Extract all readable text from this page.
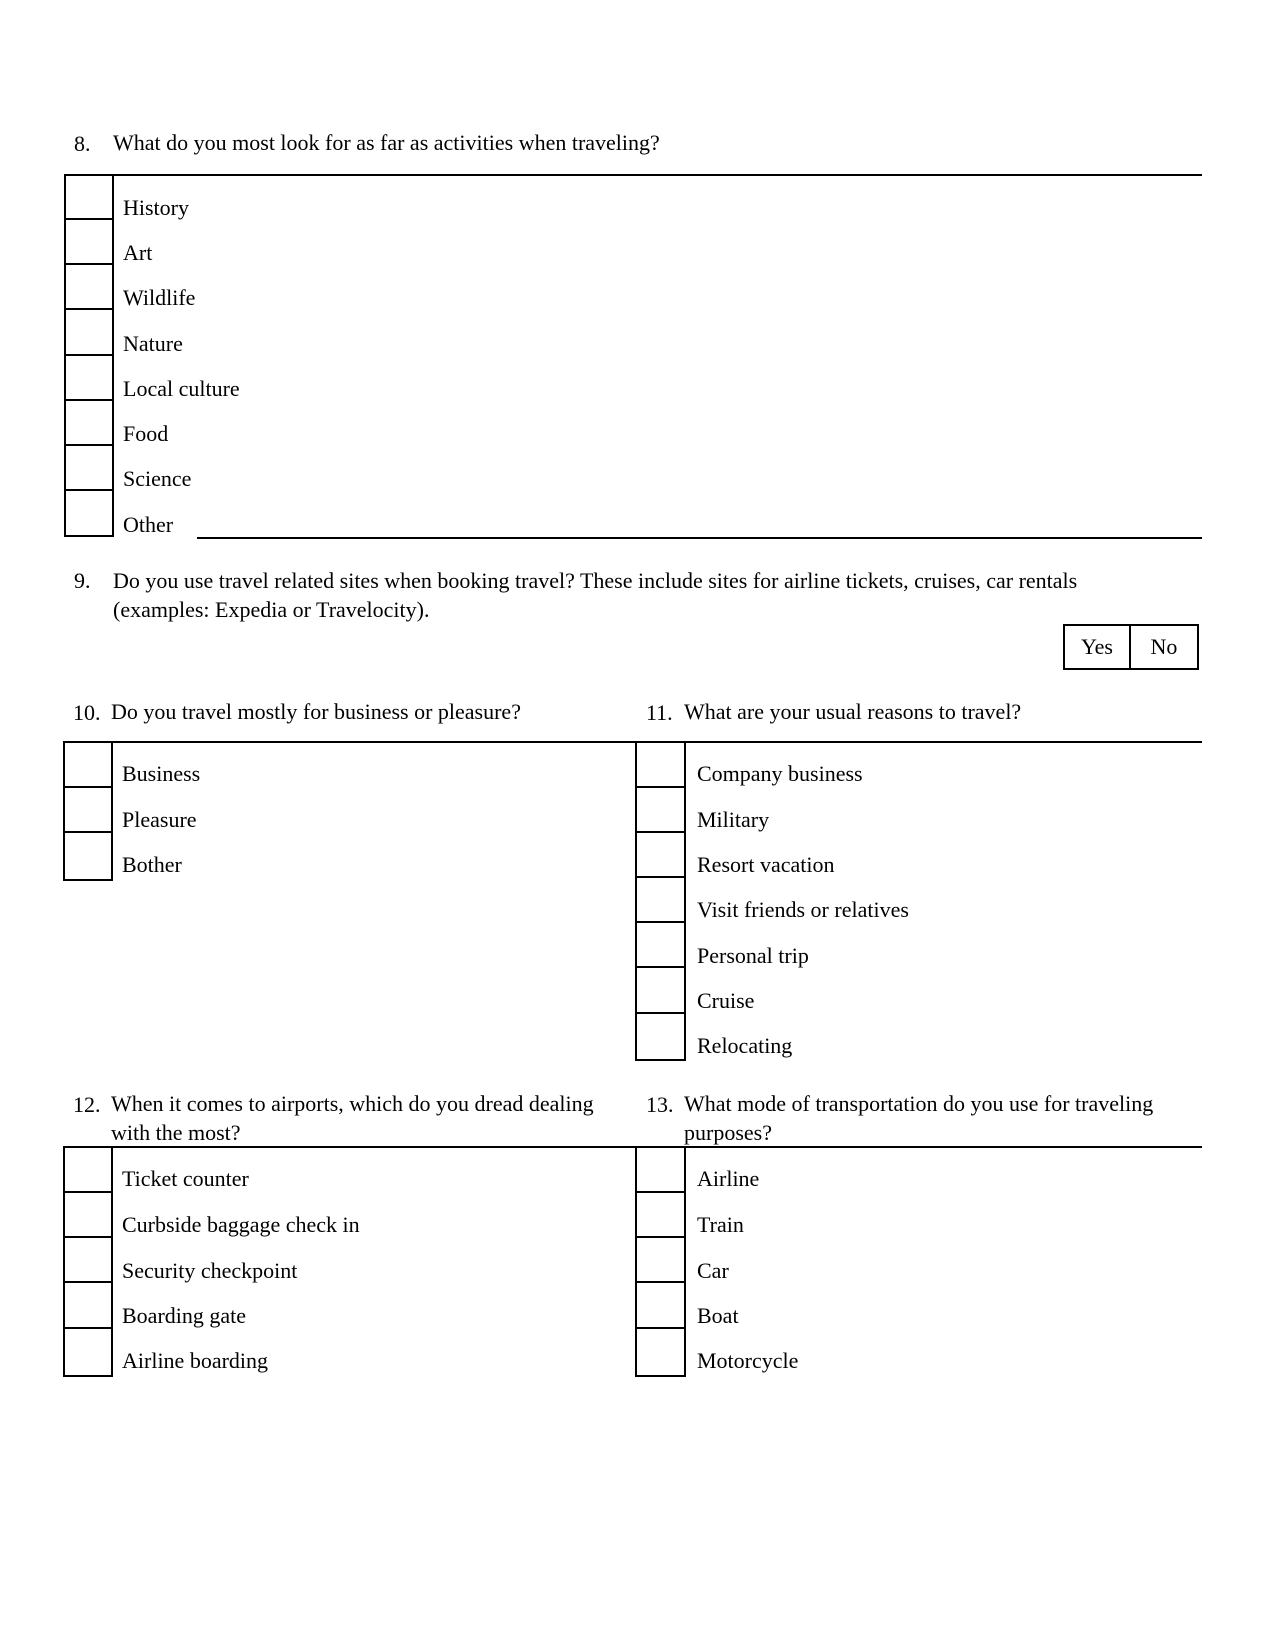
8. What do you most look for as far as activities when traveling?
History
Art
Wildlife
Nature
Local culture
Food
Science
Other
9. Do you use travel related sites when booking travel? These include sites for airline tickets, cruises, car rentals (examples: Expedia or Travelocity).
Yes	No
10. Do you travel mostly for business or pleasure?
Business
Pleasure
Bother
11. What are your usual reasons to travel?
Company business
Military
Resort vacation
Visit friends or relatives
Personal trip
Cruise
Relocating
12. When it comes to airports, which do you dread dealing with the most?
Ticket counter
Curbside baggage check in
Security checkpoint
Boarding gate
Airline boarding
13. What mode of transportation do you use for traveling purposes?
Airline
Train
Car
Boat
Motorcycle
